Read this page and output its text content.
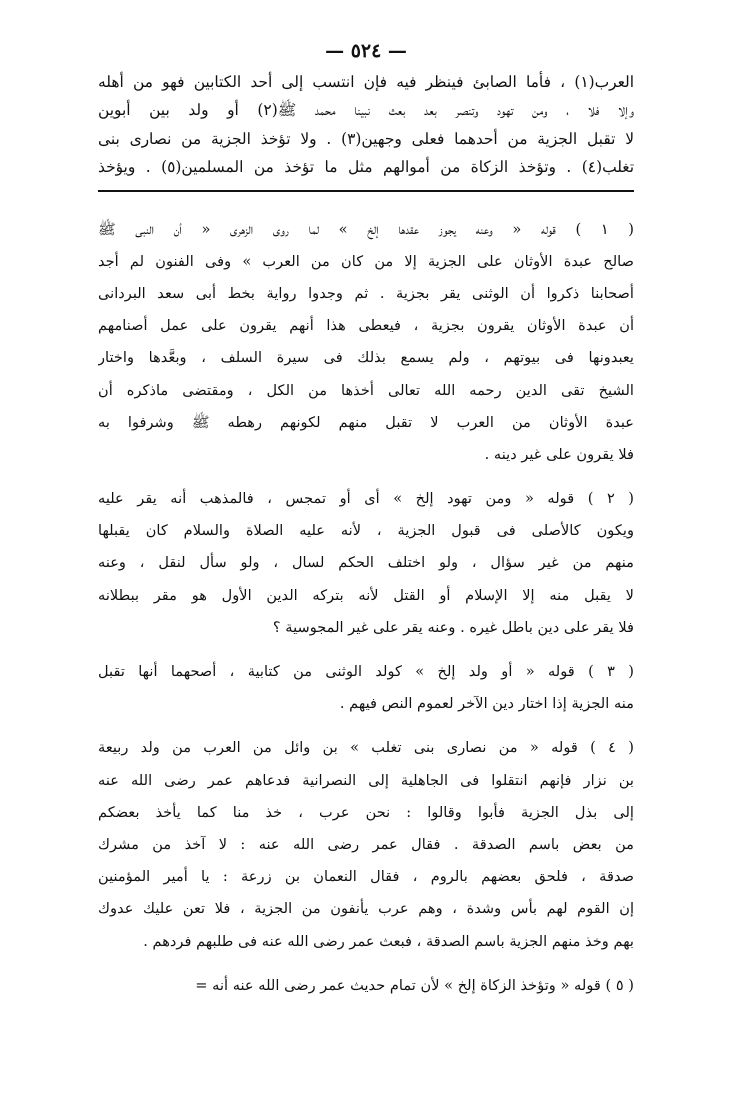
— ٥٢٤ —
العرب(١) ، فأما الصابئ فينظر فيه فإن انتسب إلى أحد الكتابين فهو من أهله
وإلا فلا ، ومن تهود وتنصر بعد بعث نبينا محمد ﷺ(٢) أو ولد بين أبوين
لا تقبل الجزية من أحدهما فعلى وجهين(٣) . ولا تؤخذ الجزية من نصارى بنى
تغلب(٤) . وتؤخذ الزكاة من أموالهم مثل ما تؤخذ من المسلمين(٥) . ويؤخذ
( ١ ) قوله « وعنه يجوز عقدها إلخ » لما روى الزهرى « أن النبى ﷺ
صالح عبدة الأوثان على الجزية إلا من كان من العرب » وفى الفنون لم أجد
أصحابنا ذكروا أن الوثنى يقر بجزية . ثم وجدوا رواية بخط أبى سعد البردانى
أن عبدة الأوثان يقرون بجزية ، فيعطى هذا أنهم يقرون على عمل أصنامهم
يعبدونها فى بيوتهم ، ولم يسمع بذلك فى سيرة السلف ، وبعَّدها واختار
الشيخ تقى الدين رحمه الله تعالى أخذها من الكل ، ومقتضى ماذكره أن
عبدة الأوثان من العرب لا تقبل منهم لكونهم رهطه ﷺ وشرفوا به
فلا يقرون على غير دينه .
( ٢ ) قوله « ومن تهود إلخ » أى أو تمجس ، فالمذهب أنه يقر عليه
ويكون كالأصلى فى قبول الجزية ، لأنه عليه الصلاة والسلام كان يقبلها
منهم من غير سؤال ، ولو اختلف الحكم لسال ، ولو سأل لنقل ، وعنه
لا يقبل منه إلا الإسلام أو القتل لأنه بتركه الدين الأول هو مقر ببطلانه
فلا يقر على دين باطل غيره . وعنه يقر على غير المجوسية ؟
( ٣ ) قوله « أو ولد إلخ » كولد الوثنى من كتابية ، أصحهما أنها تقبل
منه الجزية إذا اختار دين الآخر لعموم النص فيهم .
( ٤ ) قوله « من نصارى بنى تغلب » بن وائل من العرب من ولد ربيعة
بن نزار فإنهم انتقلوا فى الجاهلية إلى النصرانية فدعاهم عمر رضى الله عنه
إلى بذل الجزية فأبوا وقالوا : نحن عرب ، خذ منا كما يأخذ بعضكم
من بعض باسم الصدقة . فقال عمر رضى الله عنه : لا آخذ من مشرك
صدقة ، فلحق بعضهم بالروم ، فقال النعمان بن زرعة : يا أمير المؤمنين
إن القوم لهم بأس وشدة ، وهم عرب يأنفون من الجزية ، فلا تعن عليك عدوك
بهم وخذ منهم الجزية باسم الصدقة ، فبعث عمر رضى الله عنه فى طلبهم فردهم .
( ٥ ) قوله « وتؤخذ الزكاة إلخ » لأن تمام حديث عمر رضى الله عنه أنه =
